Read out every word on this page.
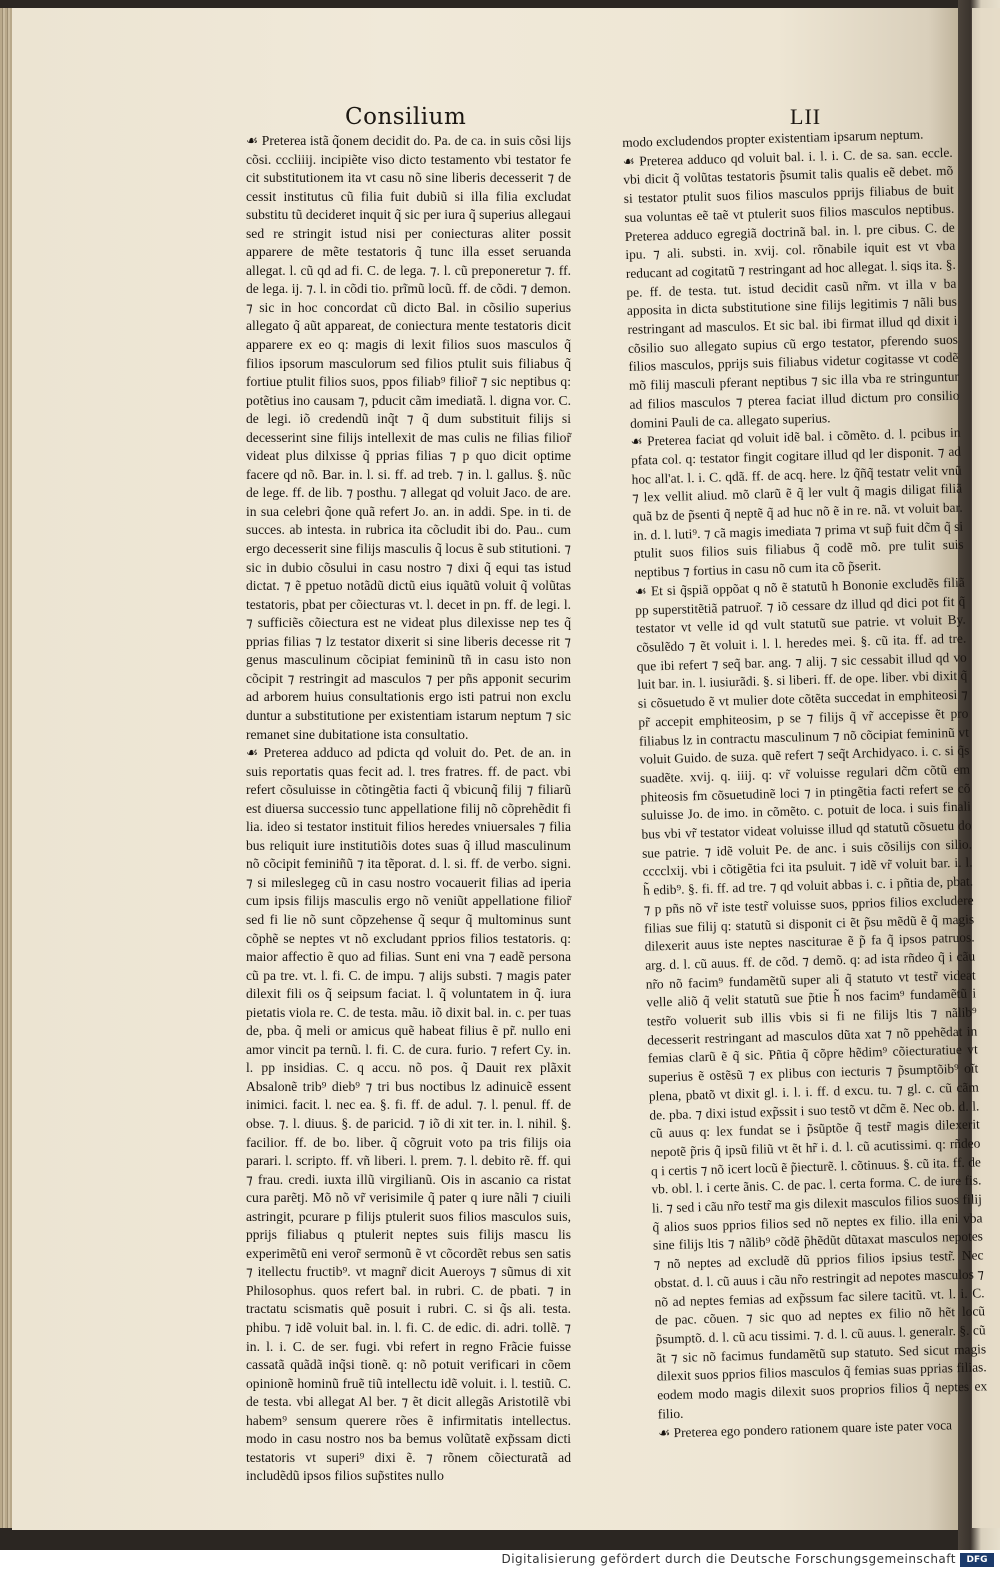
Consilium	LII

☙ Preterea istã q̃onem decidit do. Pa. de ca. in suis cõsi lijs cõsi. cccliiij. incipiẽte viso dicto testamento vbi testator fe cit substitutionem ita vt casu nõ sine liberis decesserit ⁊ de cessit institutus cũ filia fuit dubiũ si illa filia excludat substitu tũ decideret inquit q̃ sic per iura q̃ superius allegaui sed re stringit istud nisi per coniecturas aliter possit apparere de mẽte testatoris q̃ tunc illa esset seruanda allegat. l. cũ qd ad fi. C. de lega. ⁊. l. cũ preponeretur ⁊. ff. de lega. ij. ⁊. l. in cõdi tio. prĩmũ locũ. ff. de cõdi. ⁊ demon. ⁊ sic in hoc concordat cũ dicto Bal. in cõsilio superius allegato q̃ aũt appareat, de coniectura mente testatoris dicit apparere ex eo q: magis di lexit filios suos masculos q̃ filios ipsorum masculorum sed filios ptulit suis filiabus q̃ fortiue ptulit filios suos, ppos filiab⁹ filior̃ ⁊ sic neptibus q: potẽtius ino causam ⁊, pducit cãm imediatã. l. digna vor. C. de legi. iõ credendũ inq̃t ⁊ q̃ dum substituit filijs si decesserint sine filijs intellexit de mas culis ne filias filior̃ videat plus dilxisse q̃ pprias filias ⁊ p quo dicit optime facere qd nõ. Bar. in. l. si. ff. ad treb. ⁊ in. l. gallus. §. nũc de lege. ff. de lib. ⁊ posthu. ⁊ allegat qd voluit Jaco. de are. in sua celebri q̃one quã refert Jo. an. in addi. Spe. in ti. de succes. ab intesta. in rubrica ita cõcludit ibi do. Pau.. cum ergo decesserit sine filijs masculis q̃ locus ẽ sub stitutioni. ⁊ sic in dubio cõsului in casu nostro ⁊ dixi q̃ equi tas istud dictat. ⁊ ẽ ppetuo notãdũ dictũ eius iquãtũ voluit q̃ volũtas testatoris, pbat per cõiecturas vt. l. decet in pn. ff. de legi. l. ⁊ sufficiẽs cõiectura est ne videat plus dilexisse nep tes q̃ pprias filias ⁊ lz testator dixerit si sine liberis decesse rit ⁊ genus masculinum cõcipiat femininũ tñ in casu isto non cõcipit ⁊ restringit ad masculos ⁊ per pñs apponit securim ad arborem huius consultationis ergo isti patrui non exclu duntur a substitutione per existentiam istarum neptum ⁊ sic remanet sine dubitatione ista consultatio.

☙ Preterea adduco ad pdicta qd voluit do. Pet. de an. in suis reportatis quas fecit ad. l. tres fratres. ff. de pact. vbi refert cõsuluisse in cõtingẽtia facti q̃ vbicunq̃ filij ⁊ filiarũ est diuersa successio tunc appellatione filij nõ cõprehẽdit fi lia. ideo si testator instituit filios heredes vniuersales ⁊ filia bus reliquit iure institutiõis dotes suas q̃ illud masculinum nõ cõcipit feminiñũ ⁊ ita tẽporat. d. l. si. ff. de verbo. signi. ⁊ si mileslegeg cũ in casu nostro vocauerit filias ad iperia cum ipsis filijs masculis ergo nõ veniũt appellatione filior̃ sed fi lie nõ sunt cõpzehense q̃ sequr q̃ multominus sunt cõphẽ se neptes vt nõ excludant pprios filios testatoris. q: maior affectio ẽ quo ad filias. Sunt eni vna ⁊ eadẽ persona cũ pa tre. vt. l. fi. C. de impu. ⁊ alijs substi. ⁊ magis pater dilexit fili os q̃ seipsum faciat. l. q̃ voluntatem in q̃. iura pietatis viola re. C. de testa. mãu. iõ dixit bal. in. c. per tuas de, pba. q̃ meli or amicus quẽ habeat filius ẽ pr̃. nullo eni amor vincit pa ternũ. l. fi. C. de cura. furio. ⁊ refert Cy. in. l. pp insidias. C. q accu. nõ pos. q̃ Dauit rex plãxit Absalonẽ trib⁹ dieb⁹ ⁊ tri bus noctibus lz adinuicẽ essent inimici. facit. l. nec ea. §. fi. ff. de adul. ⁊. l. penul. ff. de obse. ⁊. l. diuus. §. de paricid. ⁊ iõ di xit ter. in. l. nihil. §. facilior. ff. de bo. liber. q̃ cõgruit voto pa tris filijs oia parari. l. scripto. ff. vñ liberi. l. prem. ⁊. l. debito rẽ. ff. qui ⁊ frau. credi. iuxta illũ virgilianũ. Ois in ascanio ca ristat cura parẽtj. Mõ nõ vr̃ verisimile q̃ pater q iure nãli ⁊ ciuili astringit, pcurare p filijs ptulerit suos filios masculos suis, pprijs filiabus q ptulerit neptes suis filijs mascu lis experimẽtũ eni veror̃ sermonũ ẽ vt cõcordẽt rebus sen satis ⁊ itellectu fructib⁹. vt magnr̃ dicit Aueroys ⁊ sũmus di xit Philosophus. quos refert bal. in rubri. C. de pbati. ⁊ in tractatu scismatis quẽ posuit i rubri. C. si q̃s ali. testa. phibu. ⁊ idẽ voluit bal. in. l. fi. C. de edic. di. adri. tollẽ. ⁊ in. l. i. C. de ser. fugi. vbi refert in regno Frãcie fuisse cassatã quãdã inq̃si tionẽ. q: nõ potuit verificari in cõem opinionẽ hominũ fruẽ tiũ intellectu idẽ voluit. i. l. testiũ. C. de testa. vbi allegat Al ber. ⁊ ẽt dicit allegãs Aristotilẽ vbi habem⁹ sensum querere rões ẽ infirmitatis intellectus. modo in casu nostro nos ba bemus volũtatẽ exp̃ssam dicti testatoris vt superi⁹ dixi ẽ. ⁊ rõnem cõiecturatã ad includẽdũ ipsos filios sup̃stites nullo

modo excludendos propter existentiam ipsarum neptum.

☙ Preterea adduco qd voluit bal. i. l. i. C. de sa. san. eccle. vbi dicit q̃ volũtas testatoris p̃sumit talis qualis eẽ debet. mõ si testator ptulit suos filios masculos pprijs filiabus de buit sua voluntas eẽ taẽ vt ptulerit suos filios masculos neptibus. Preterea adduco egregiã doctrinã bal. in. l. pre cibus. C. de ipu. ⁊ ali. substi. in. xvij. col. rõnabile iquit est vt vba reducant ad cogitatũ ⁊ restringant ad hoc allegat. l. siqs ita. §. pe. ff. de testa. tut. istud decidit casũ nr̃m. vt illa v ba apposita in dicta substitutione sine filijs legitimis ⁊ nãli bus restringant ad masculos. Et sic bal. ibi firmat illud qd dixit i cõsilio suo allegato supius cũ ergo testator, pferendo suos filios masculos, pprijs suis filiabus videtur cogitasse vt codẽ mõ filij masculi pferant neptibus ⁊ sic illa vba re stringuntur ad filios masculos ⁊ pterea faciat illud dictum pro consilio domini Pauli de ca. allegato superius.

☙ Preterea faciat qd voluit idẽ bal. i cõmẽto. d. l. pcibus in pfata col. q: testator fingit cogitare illud qd ler disponit. ⁊ ad hoc all'at. l. i. C. qdã. ff. de acq. here. lz q̃ñq̃ testatr velit vnũ ⁊ lex vellit aliud. mõ clarũ ẽ q̃ ler vult q̃ magis diligat filiã quã bz de p̃senti q̃ neptẽ q̃ ad huc nõ ẽ in re. nã. vt voluit bar. in. d. l. luti⁹. ⁊ cã magis imediata ⁊ prima vt sup̃ fuit dc̃m q̃ si ptulit suos filios suis filiabus q̃ codẽ mõ. pre tulit suis neptibus ⁊ fortius in casu nõ cum ita cõ p̃serit.

☙ Et si q̃spiã oppõat q nõ ẽ statutũ h Bononie excludẽs filiã pp superstitẽtiã patruor̃. ⁊ iõ cessare dz illud qd dici pot fit q̃ testator vt velle id qd vult statutũ sue patrie. vt voluit By. cõsulẽdo ⁊ ẽt voluit i. l. l. heredes mei. §. cũ ita. ff. ad tre. que ibi refert ⁊ seq̃ bar. ang. ⁊ alij. ⁊ sic cessabit illud qd vo luit bar. in. l. iusiurãdi. §. si liberi. ff. de ope. liber. vbi dixit q̃ si cõsuetudo ẽ vt mulier dote cõtẽta succedat in emphiteosi ⁊ pr̃ accepit emphiteosim, p se ⁊ filijs q̃ vr̃ accepisse ẽt pro filiabus lz in contractu masculinum ⁊ nõ cõcipiat femininũ vt voluit Guido. de suza. quẽ refert ⁊ seq̃t Archidyaco. i. c. si q̃s suadẽte. xvij. q. iiij. q: vr̃ voluisse regulari dc̃m cõtũ em phiteosis fm cõsuetudinẽ loci ⁊ in ptingẽtia facti refert se cõ suluisse Jo. de imo. in cõmẽto. c. potuit de loca. i suis finali bus vbi vr̃ testator videat voluisse illud qd statutũ cõsuetu do sue patrie. ⁊ idẽ voluit Pe. de anc. i suis cõsilijs con silio. cccclxij. vbi i cõtigẽtia fci ita psuluit. ⁊ idẽ vr̃ voluit bar. i. l. h̃ edib⁹. §. fi. ff. ad tre. ⁊ qd voluit abbas i. c. i pñtia de, pbat. ⁊ p pñs nõ vr̃ iste testr̃ voluisse suos, pprios filios excludere filias sue filij q: statutũ si disponit ci ẽt p̃su mẽdũ ẽ q̃ magis dilexerit auus iste neptes nasciturae ẽ p̃ fa q̃ ipsos patruos. arg. d. l. cũ auus. ff. de cõd. ⁊ demõ. q: ad ista rñdeo q̃ i cãu nr̃o nõ facim⁹ fundamẽtũ super ali q̃ statuto vt testr̃ videat velle aliõ q̃ velit statutũ sue p̃tie h̃ nos facim⁹ fundamẽtũ i testr̃o voluerit sub illis vbis si fi ne filijs ltis ⁊ nãlib⁹ decesserit restringant ad masculos dũta xat ⁊ nõ ppehẽdat in femias clarũ ẽ q̃ sic. Pñtia q̃ cõpre hẽdim⁹ cõiecturatiue vt superius ẽ ostẽsũ ⁊ ex plibus con iecturis ⁊ p̃sumptõib⁹ oĩt plena, pbatõ vt dixit gl. i. l. i. ff. d excu. tu. ⁊ gl. c. cũ cãm de. pba. ⁊ dixi istud exp̃ssit i suo testõ vt dc̃m ẽ. Nec ob. d. l. cũ auus q: lex fundat se i p̃sũptõe q̃ testr̃ magis dilexerit nepotẽ p̃ris q̃ ipsũ filiũ vt ẽt hr̃ i. d. l. cũ acutissimi. q: rñdeo q i certis ⁊ nõ icert locũ ẽ p̃iecturẽ. l. cõtinuus. §. cũ ita. ff. de vb. obl. l. i certe ãnis. C. de pac. l. certa forma. C. de iure fis. li. ⁊ sed i cãu nr̃o testr̃ ma gis dilexit masculos filios suos filij q̃ alios suos pprios filios sed nõ neptes ex filio. illa eni vba sine filijs ltis ⁊ nãlib⁹ cõdẽ p̃hẽdũt dũtaxat masculos nepotes ⁊ nõ neptes ad excludẽ dũ pprios filios ipsius testr̃. Nec obstat. d. l. cũ auus i cãu nr̃o restringit ad nepotes masculos ⁊ nõ ad neptes femias ad exp̃ssum fac silere tacitũ. vt. l. i. C. de pac. cõuen. ⁊ sic quo ad neptes ex filio nõ hẽt locũ p̃sumptõ. d. l. cũ acu tissimi. ⁊. d. l. cũ auus. l. generalr. §. cũ ãt ⁊ sic nõ facimus fundamẽtũ sup statuto. Sed sicut magis dilexit suos pprios filios masculos q̃ femias suas pprias filias. eodem modo magis dilexit suos proprios filios q̃ neptes ex filio.

☙ Preterea ego pondero rationem quare iste pater voca

Digitalisierung gefördert durch die Deutsche Forschungsgemeinschaft	DFG
